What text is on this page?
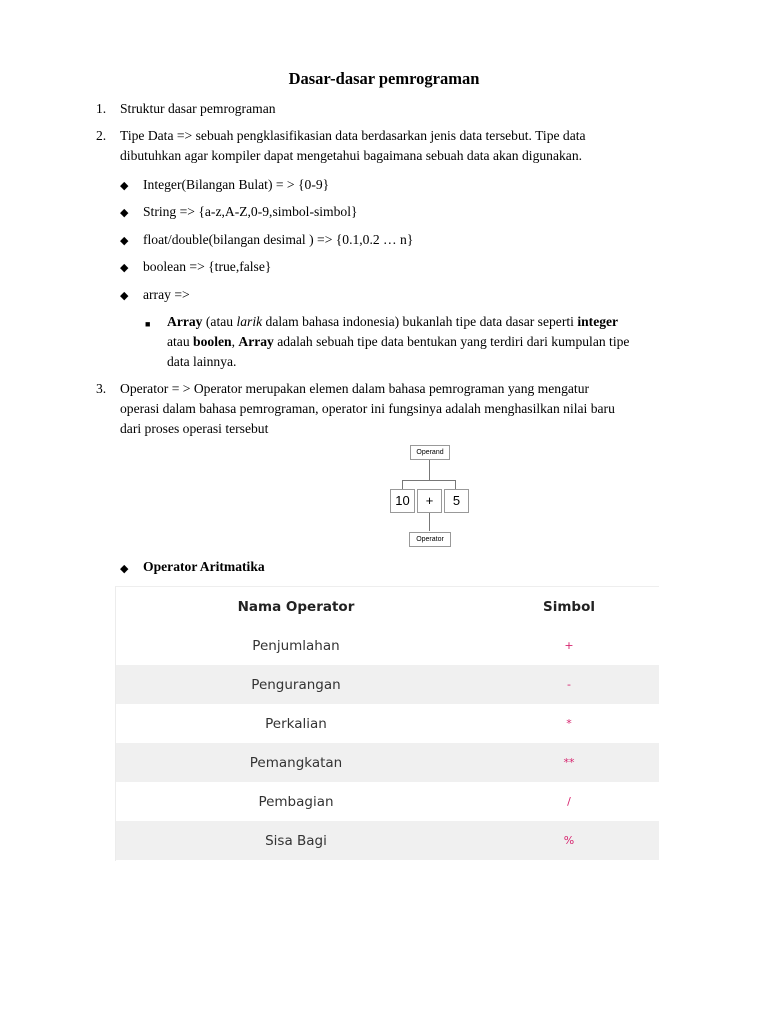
Dasar-dasar pemrograman
1.	Struktur dasar pemrograman
2.	Tipe Data => sebuah pengklasifikasian data berdasarkan jenis data tersebut. Tipe data
dibutuhkan agar kompiler dapat mengetahui bagaimana sebuah data akan digunakan.
◆ Integer(Bilangan Bulat) = > {0-9}
◆ String => {a-z,A-Z,0-9,simbol-simbol}
◆ float/double(bilangan desimal ) => {0.1,0.2 … n}
◆ boolean => {true,false}
◆ array =>
■ Array (atau larik dalam bahasa indonesia) bukanlah tipe data dasar seperti integer
atau boolen, Array adalah sebuah tipe data bentukan yang terdiri dari kumpulan tipe
data lainnya.
3.	Operator = > Operator merupakan elemen dalam bahasa pemrograman yang mengatur
operasi dalam bahasa pemrograman, operator ini fungsinya adalah menghasilkan nilai baru
dari proses operasi tersebut
Operand
10	+	5
Operator
◆ Operator Aritmatika
Nama Operator	Simbol
Penjumlahan	+
Pengurangan	-
Perkalian	*
Pemangkatan	**
Pembagian	/
Sisa Bagi	%
